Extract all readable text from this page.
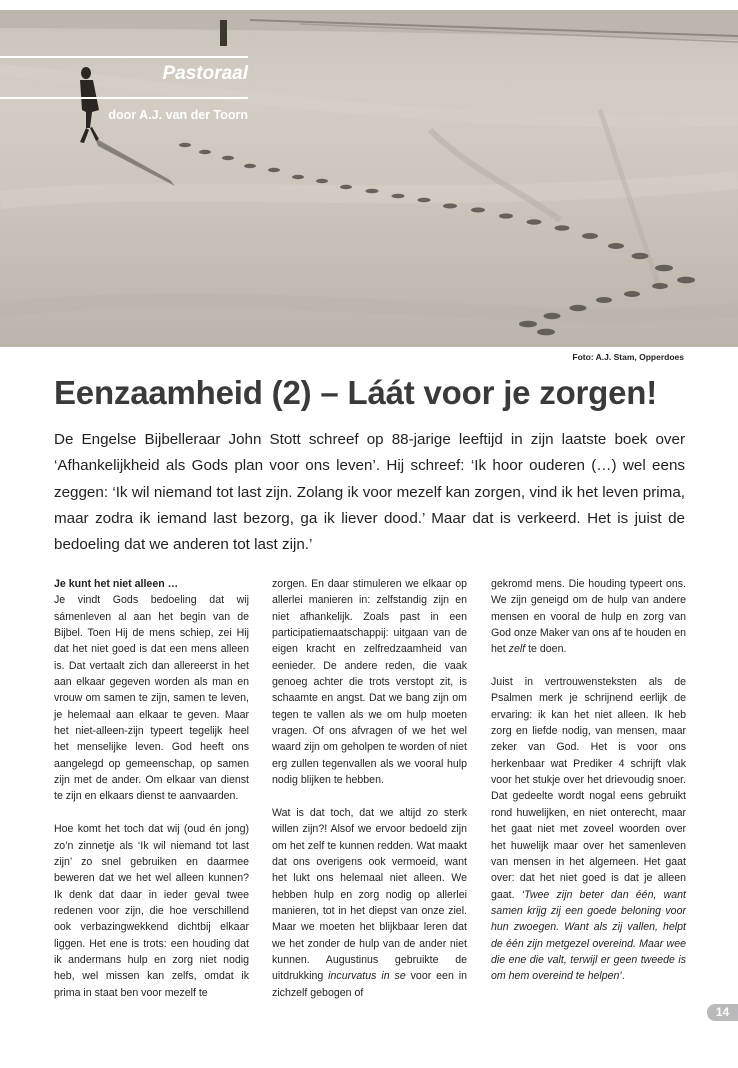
Pastoraal
door A.J. van der Toorn
Foto: A.J. Stam, Opperdoes
Eenzaamheid (2) – Láát voor je zorgen!

De Engelse Bijbelleraar John Stott schreef op 88-jarige leeftijd in zijn laatste boek over ‘Afhankelijkheid als Gods plan voor ons leven’. Hij schreef: ‘Ik hoor ouderen (…) wel eens zeggen: ‘Ik wil niemand tot last zijn. Zolang ik voor mezelf kan zorgen, vind ik het leven prima, maar zodra ik iemand last bezorg, ga ik liever dood.’ Maar dat is verkeerd. Het is juist de bedoeling dat we anderen tot last zijn.’

Je kunt het niet alleen …

Je vindt Gods bedoeling dat wij sámenleven al aan het begin van de Bijbel. Toen Hij de mens schiep, zei Hij dat het niet goed is dat een mens alleen is. Dat vertaalt zich dan allereerst in het aan elkaar gegeven worden als man en vrouw om samen te zijn, samen te leven, je helemaal aan elkaar te geven. Maar het niet-alleen-zijn typeert tegelijk heel het menselijke leven. God heeft ons aangelegd op gemeenschap, op samen zijn met de ander. Om elkaar van dienst te zijn en elkaars dienst te aanvaarden.

Hoe komt het toch dat wij (oud én jong) zo’n zinnetje als ‘Ik wil niemand tot last zijn’ zo snel gebruiken en daarmee beweren dat we het wel alleen kunnen? Ik denk dat daar in ieder geval twee redenen voor zijn, die hoe verschillend ook verbazingwekkend dichtbij elkaar liggen. Het ene is trots: een houding dat ik andermans hulp en zorg niet nodig heb, wel missen kan zelfs, omdat ik prima in staat ben voor mezelf te

zorgen. En daar stimuleren we elkaar op allerlei manieren in: zelfstandig zijn en niet afhankelijk. Zoals past in een participatiemaatschappij: uitgaan van de eigen kracht en zelfredzaamheid van eenieder. De andere reden, die vaak genoeg achter die trots verstopt zit, is schaamte en angst. Dat we bang zijn om tegen te vallen als we om hulp moeten vragen. Of ons afvragen of we het wel waard zijn om geholpen te worden of niet erg zullen tegenvallen als we vooral hulp nodig blijken te hebben.

Wat is dat toch, dat we altijd zo sterk willen zijn?! Alsof we ervoor bedoeld zijn om het zelf te kunnen redden. Wat maakt dat ons overigens ook vermoeid, want het lukt ons helemaal niet alleen. We hebben hulp en zorg nodig op allerlei manieren, tot in het diepst van onze ziel. Maar we moeten het blijkbaar leren dat we het zonder de hulp van de ander niet kunnen. Augustinus gebruikte de uitdrukking incurvatus in se voor een in zichzelf gebogen of

gekromd mens. Die houding typeert ons. We zijn geneigd om de hulp van andere mensen en vooral de hulp en zorg van God onze Maker van ons af te houden en het zelf te doen.

Juist in vertrouwensteksten als de Psalmen merk je schrijnend eerlijk de ervaring: ik kan het niet alleen. Ik heb zorg en liefde nodig, van mensen, maar zeker van God. Het is voor ons herkenbaar wat Prediker 4 schrijft vlak voor het stukje over het drievoudig snoer. Dat gedeelte wordt nogal eens gebruikt rond huwelijken, en niet onterecht, maar het gaat niet met zoveel woorden over het huwelijk maar over het samenleven van mensen in het algemeen. Het gaat over: dat het niet goed is dat je alleen gaat. ‘Twee zijn beter dan één, want samen krijg zij een goede beloning voor hun zwoegen. Want als zij vallen, helpt de één zijn metgezel overeind. Maar wee die ene die valt, terwijl er geen tweede is om hem overeind te helpen’.

14
